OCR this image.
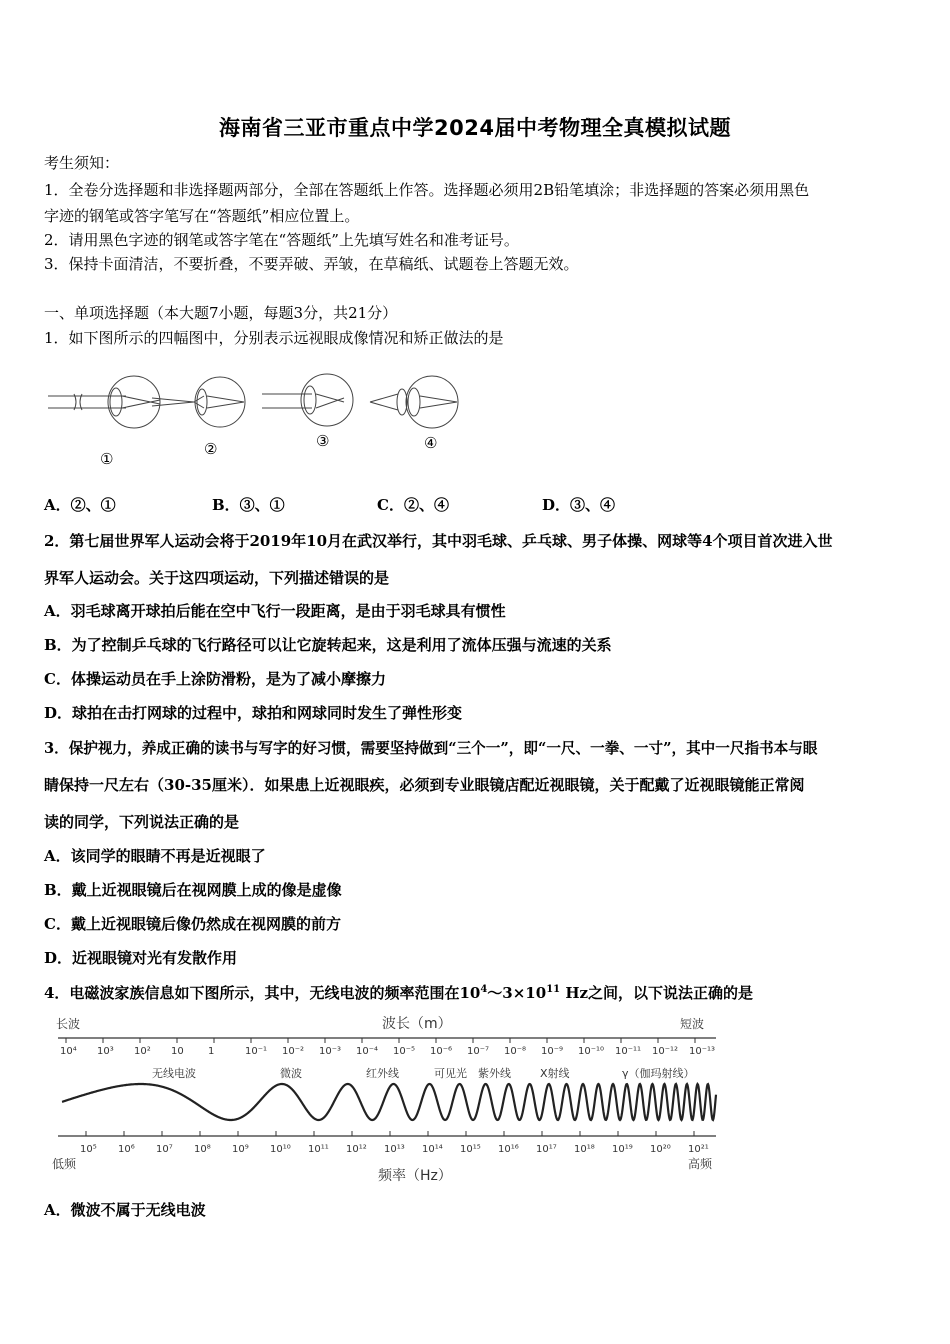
海南省三亚市重点中学2024届中考物理全真模拟试题
考生须知：
1．全卷分选择题和非选择题两部分，全部在答题纸上作答。选择题必须用2B铅笔填涂；非选择题的答案必须用黑色
字迹的钢笔或答字笔写在“答题纸”相应位置上。
2．请用黑色字迹的钢笔或答字笔在“答题纸”上先填写姓名和准考证号。
3．保持卡面清洁，不要折叠，不要弄破、弄皱，在草稿纸、试题卷上答题无效。
一、单项选择题（本大题7小题，每题3分，共21分）
1．如下图所示的四幅图中，分别表示远视眼成像情况和矫正做法的是
①
②	③	④
A．②、①	B．③、①	C．②、④	D．③、④
2．第七届世界军人运动会将于2019年10月在武汉举行，其中羽毛球、乒乓球、男子体操、网球等4个项目首次进入世
界军人运动会。关于这四项运动，下列描述错误的是
A．羽毛球离开球拍后能在空中飞行一段距离，是由于羽毛球具有惯性
B．为了控制乒乓球的飞行路径可以让它旋转起来，这是利用了流体压强与流速的关系
C．体操运动员在手上涂防滑粉，是为了减小摩擦力
D．球拍在击打网球的过程中，球拍和网球同时发生了弹性形变
3．保护视力，养成正确的读书与写字的好习惯，需要坚持做到“三个一”，即“一尺、一拳、一寸”，其中一尺指书本与眼
睛保持一尺左右（30-35厘米）．如果患上近视眼疾，必须到专业眼镜店配近视眼镜，关于配戴了近视眼镜能正常阅
读的同学，下列说法正确的是
A．该同学的眼睛不再是近视眼了
B．戴上近视眼镜后在视网膜上成的像是虚像
C．戴上近视眼镜后像仍然成在视网膜的前方
D．近视眼镜对光有发散作用
4．电磁波家族信息如下图所示，其中，无线电波的频率范围在$10^4\sim 3\times 10^{11}$ Hz之间，以下说法正确的是
长波	短波
波长（m）
10⁴ 10³ 10² 10 1	10⁻¹ 10⁻² 10⁻³ 10⁻⁴ 10⁻⁵ 10⁻⁶ 10⁻⁷ 10⁻⁸ 10⁻⁹ 10⁻¹⁰ 10⁻¹¹ 10⁻¹² 10⁻¹³
无线电波	微波	红外线	可见光 紫外线	X射线	γ（伽玛射线）
10⁵ 10⁶ 10⁷ 10⁸ 10⁹ 10¹⁰ 10¹¹ 10¹² 10¹³ 10¹⁴ 10¹⁵ 10¹⁶ 10¹⁷ 10¹⁸ 10¹⁹ 10²⁰ 10²¹
低频	高频
频率（Hz）
A．微波不属于无线电波
